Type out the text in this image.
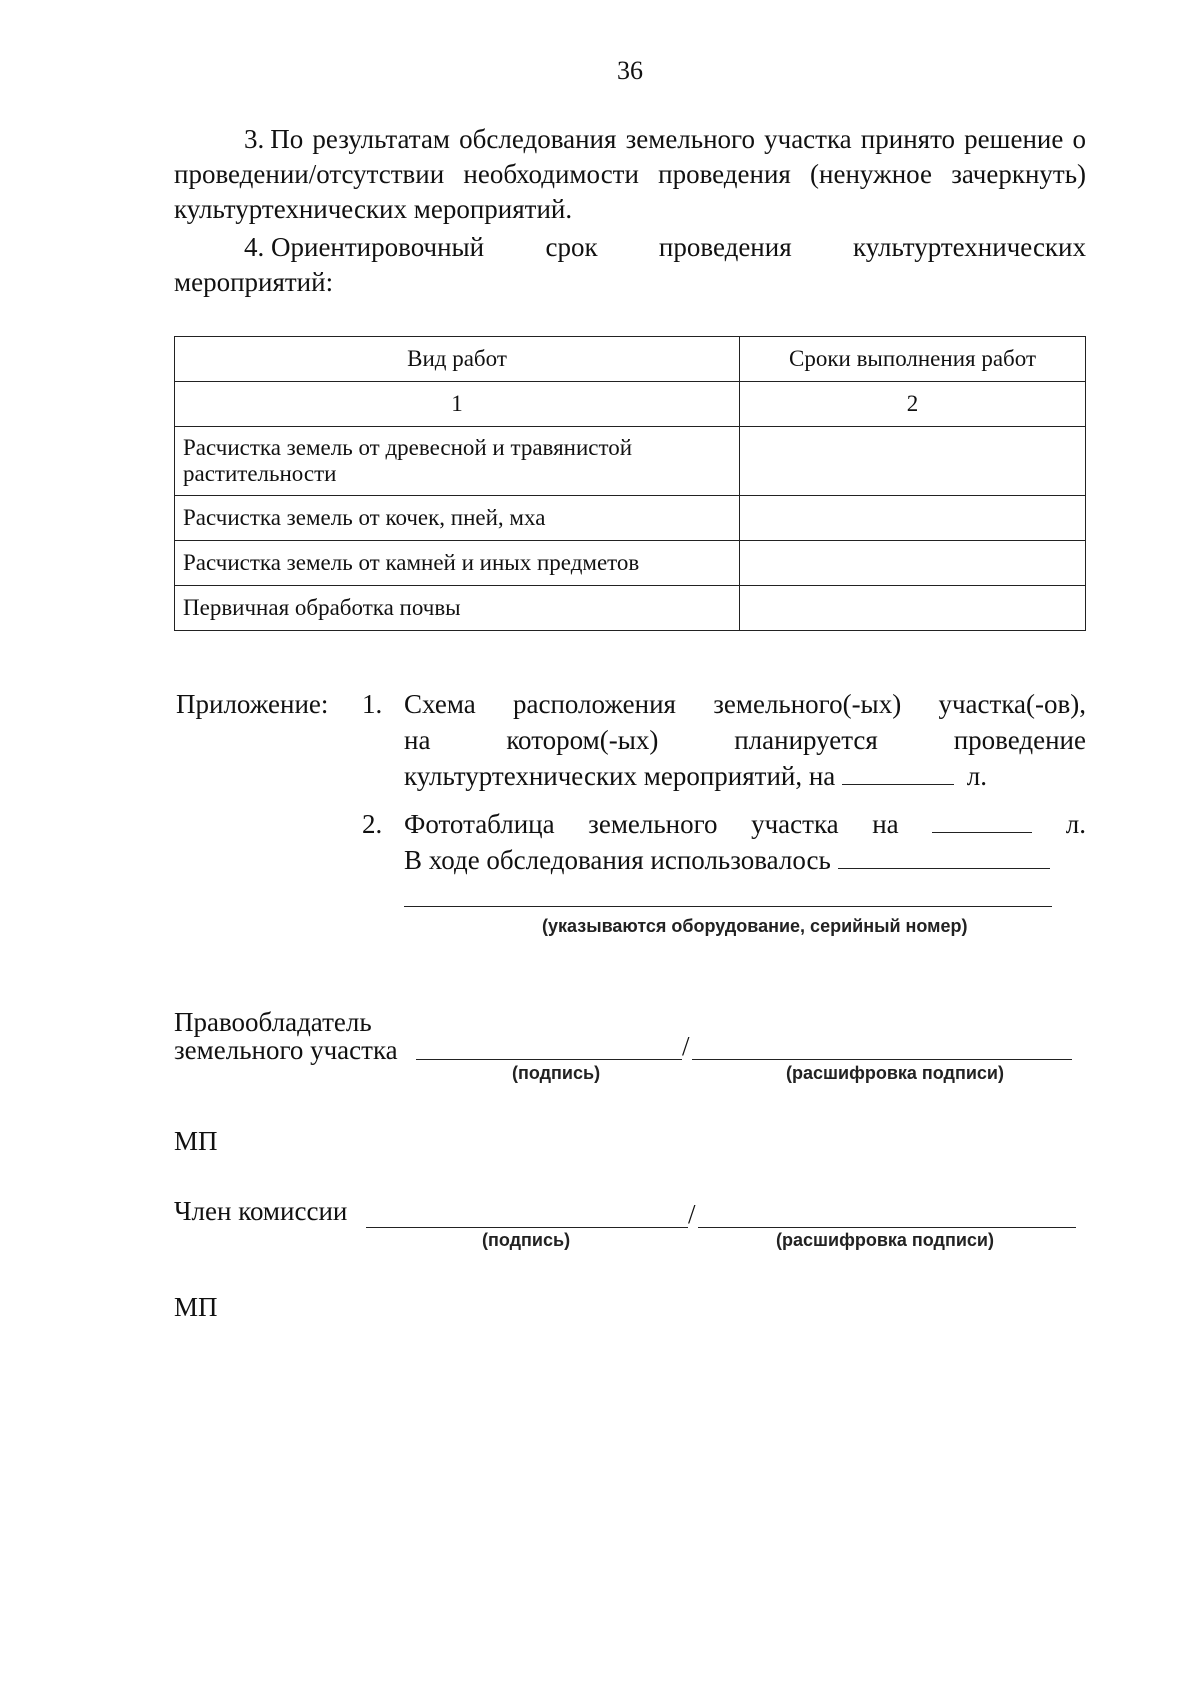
36
3. По результатам обследования земельного участка принято решение о проведении/отсутствии необходимости проведения (ненужное зачеркнуть) культуртехнических мероприятий.
4. Ориентировочный срок проведения культуртехнических
мероприятий:
Вид работ	Сроки выполнения работ
1	2
Расчистка земель от древесной и травянистой растительности	
Расчистка земель от кочек, пней, мха	
Расчистка земель от камней и иных предметов	
Первичная обработка почвы	
Приложение: 1. Схема расположения земельного(-ых) участка(-ов),
на	котором(-ых)	планируется	проведение
культуртехнических мероприятий, на	л.
2. Фототаблица земельного участка на	л.
В ходе обследования использовалось
(указываются оборудование, серийный номер)
Правообладатель
земельного участка	/
(подпись)	(расшифровка подписи)
МП
Член комиссии	/
(подпись)	(расшифровка подписи)
МП
